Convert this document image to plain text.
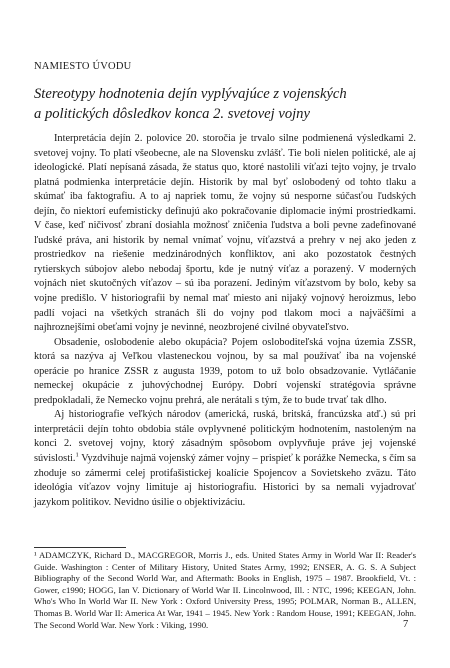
NAMIESTO ÚVODU
Stereotypy hodnotenia dejín vyplývajúce z vojenských
a politických dôsledkov konca 2. svetovej vojny

Interpretácia dejín 2. polovice 20. storočia je trvalo silne podmienená výsledkami 2. svetovej vojny. To platí všeobecne, ale na Slovensku zvlášť. Tie boli nielen politické, ale aj ideologické. Platí nepísaná zásada, že status quo, ktoré nastolili víťazi tejto vojny, je trvalo platná podmienka interpretácie dejín. Historik by mal byť oslobodený od tohto tlaku a skúmať iba faktografiu. A to aj napriek tomu, že vojny sú nesporne súčasťou ľudských dejín, čo niektorí eufemisticky definujú ako pokračovanie diplomacie inými prostriedkami. V čase, keď ničivosť zbraní dosiahla možnosť zničenia ľudstva a boli pevne zadefinované ľudské práva, ani historik by nemal vnímať vojnu, víťazstvá a prehry v nej ako jeden z prostriedkov na riešenie medzinárodných konfliktov, ani ako pozostatok čestných rytierskych súbojov alebo nebodaj športu, kde je nutný víťaz a porazený. V moderných vojnách niet skutočných víťazov – sú iba porazení. Jediným víťazstvom by bolo, keby sa vojne predišlo. V historiografii by nemal mať miesto ani nijaký vojnový heroizmus, lebo padlí vojaci na všetkých stranách šli do vojny pod tlakom moci a najväčšími a najhroznejšími obeťami vojny je nevinné, neozbrojené civilné obyvateľstvo.

Obsadenie, oslobodenie alebo okupácia? Pojem osloboditeľská vojna územia ZSSR, ktorá sa nazýva aj Veľkou vlasteneckou vojnou, by sa mal používať iba na vojenské operácie po hranice ZSSR z augusta 1939, potom to už bolo obsadzovanie. Vytláčanie nemeckej okupácie z juhovýchodnej Európy. Dobrí vojenskí stratégovia správne predpokladali, že Nemecko vojnu prehrá, ale nerátali s tým, že to bude trvať tak dlho.

Aj historiografie veľkých národov (americká, ruská, britská, francúzska atď.) sú pri interpretácii dejín tohto obdobia stále ovplyvnené politickým hodnotením, nastoleným na konci 2. svetovej vojny, ktorý zásadným spôsobom ovplyvňuje práve jej vojenské súvislosti.$^1$ Vyzdvihuje najmä vojenský zámer vojny – prispieť k porážke Nemecka, s čím sa zhoduje so zámermi celej protifašistickej koalície Spojencov a Sovietskeho zväzu. Táto ideológia víťazov vojny limituje aj historiografiu. Historici by sa nemali vyjadrovať jazykom politikov. Nevidno úsilie o objektivizáciu.

¹ ADAMCZYK, Richard D., MACGREGOR, Morris J., eds. United States Army in World War II: Reader's Guide. Washington : Center of Military History, United States Army, 1992; ENSER, A. G. S. A Subject Bibliography of the Second World War, and Aftermath: Books in English, 1975 – 1987. Brookfield, Vt. : Gower, c1990; HOGG, Ian V. Dictionary of World War II. Lincolnwood, Ill. : NTC, 1996; KEEGAN, John. Who's Who In World War II. New York : Oxford University Press, 1995; POLMAR, Norman B., ALLEN, Thomas B. World War II: America At War, 1941 – 1945. New York : Random House, 1991; KEEGAN, John. The Second World War. New York : Viking, 1990.	7
